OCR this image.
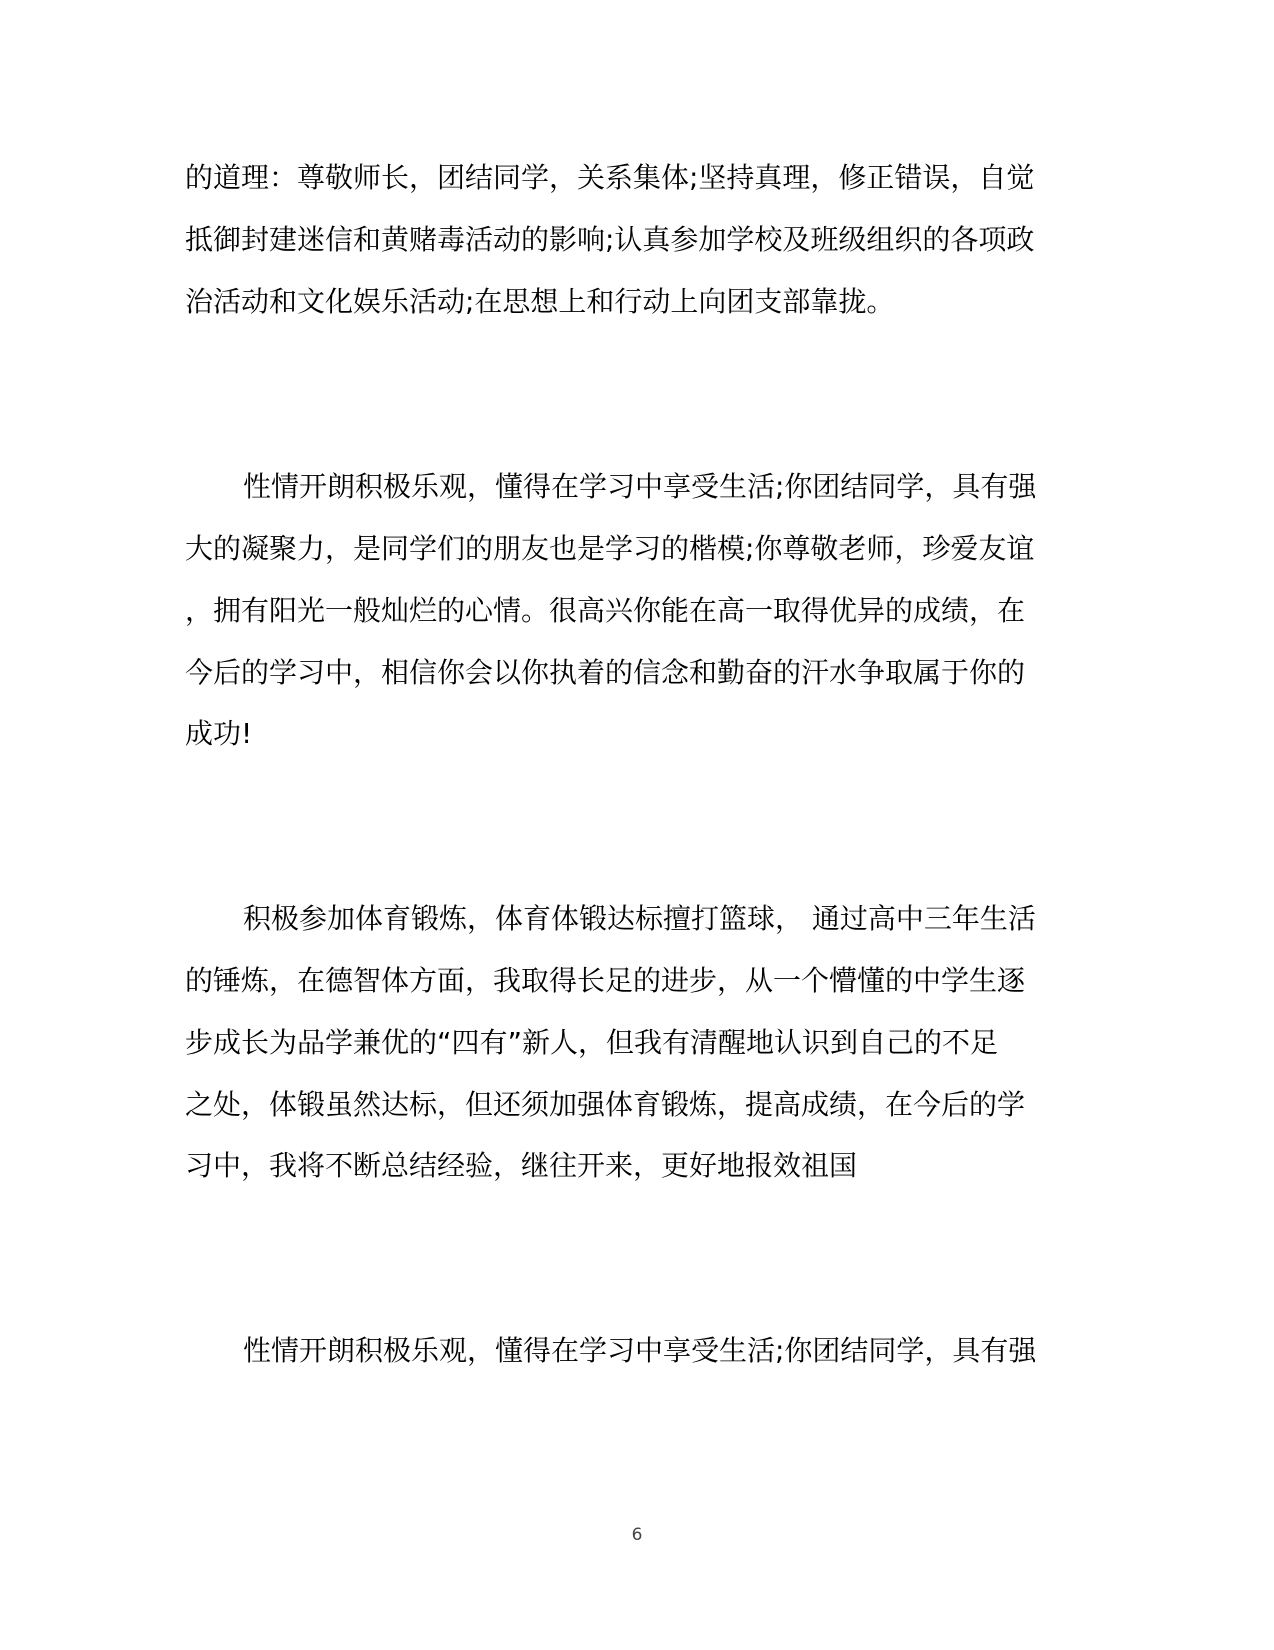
的道理：尊敬师长，团结同学，关系集体;坚持真理，修正错误，自觉

抵御封建迷信和黄赌毒活动的影响;认真参加学校及班级组织的各项政

治活动和文化娱乐活动;在思想上和行动上向团支部靠拢。

性情开朗积极乐观，懂得在学习中享受生活;你团结同学，具有强

大的凝聚力，是同学们的朋友也是学习的楷模;你尊敬老师，珍爱友谊

，拥有阳光一般灿烂的心情。很高兴你能在高一取得优异的成绩，在

今后的学习中，相信你会以你执着的信念和勤奋的汗水争取属于你的

成功!

积极参加体育锻炼，体育体锻达标擅打篮球， 通过高中三年生活

的锤炼，在德智体方面，我取得长足的进步，从一个懵懂的中学生逐

步成长为品学兼优的“四有”新人，但我有清醒地认识到自己的不足

之处，体锻虽然达标，但还须加强体育锻炼，提高成绩，在今后的学

习中，我将不断总结经验，继往开来，更好地报效祖国

性情开朗积极乐观，懂得在学习中享受生活;你团结同学，具有强

6
